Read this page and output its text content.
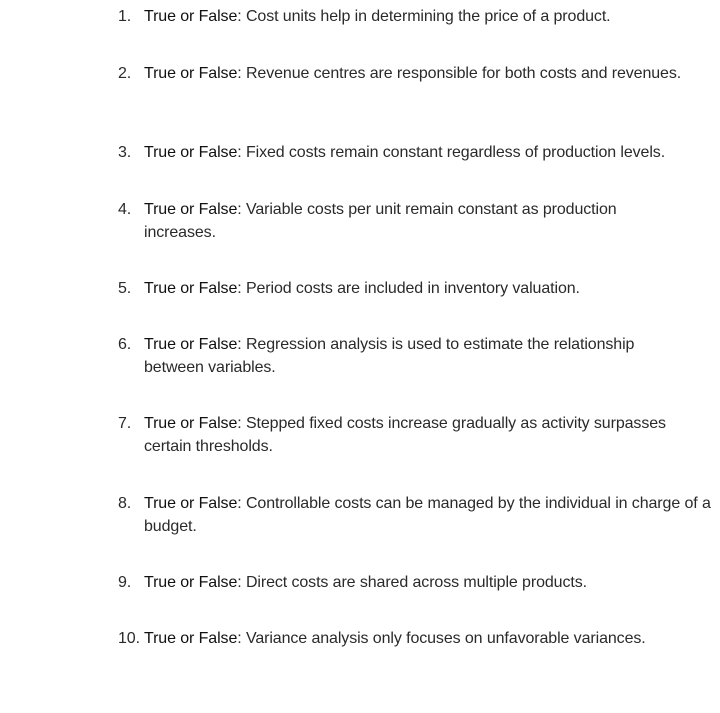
1. True or False: Cost units help in determining the price of a product.
2. True or False: Revenue centres are responsible for both costs and revenues.
3. True or False: Fixed costs remain constant regardless of production levels.
4. True or False: Variable costs per unit remain constant as production increases.
5. True or False: Period costs are included in inventory valuation.
6. True or False: Regression analysis is used to estimate the relationship between variables.
7. True or False: Stepped fixed costs increase gradually as activity surpasses certain thresholds.
8. True or False: Controllable costs can be managed by the individual in charge of a budget.
9. True or False: Direct costs are shared across multiple products.
10. True or False: Variance analysis only focuses on unfavorable variances.
